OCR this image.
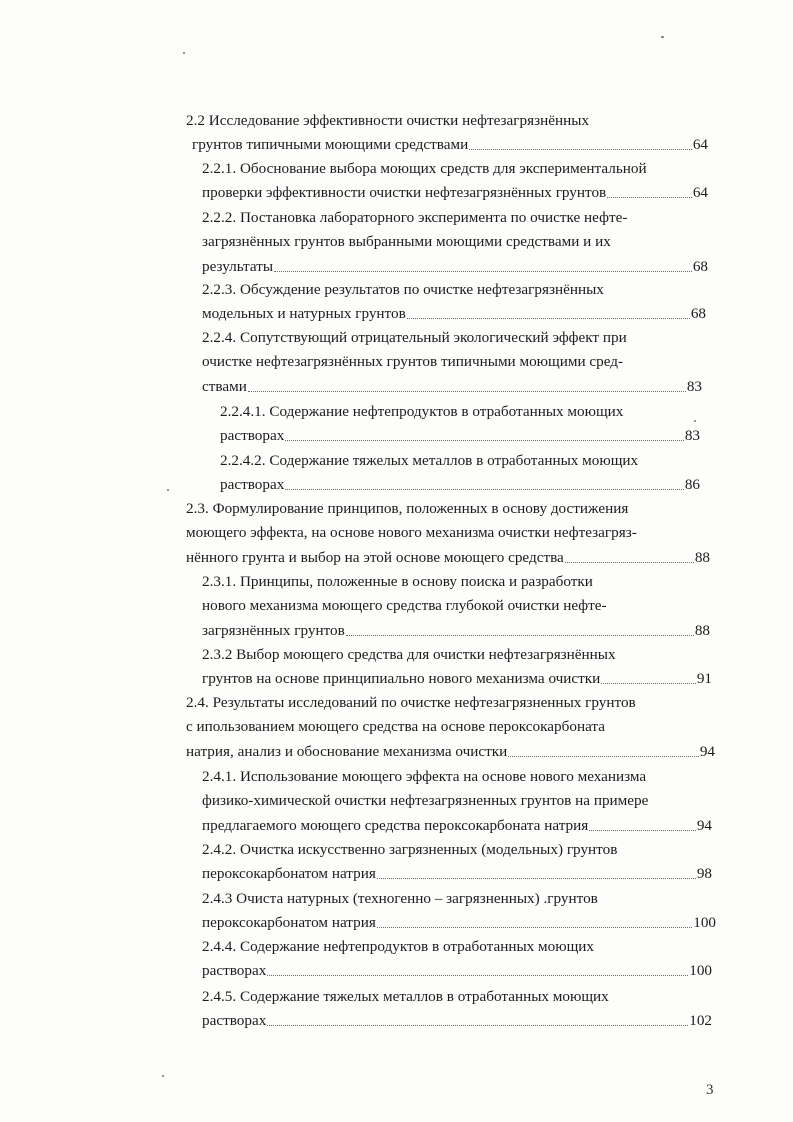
2.2 Исследование эффективности очистки нефтезагрязнённых
грунтов типичными моющими средствами	64
2.2.1. Обоснование выбора моющих средств для экспериментальной
проверки эффективности очистки нефтезагрязнённых грунтов	64
2.2.2. Постановка лабораторного эксперимента по очистке нефте-
загрязнённых грунтов выбранными моющими средствами и их
результаты	68
2.2.3. Обсуждение результатов по очистке нефтезагрязнённых
модельных и натурных грунтов	68
2.2.4. Сопутствующий отрицательный экологический эффект при
очистке нефтезагрязнённых грунтов типичными моющими сред-
ствами	83
2.2.4.1. Содержание нефтепродуктов в отработанных моющих
растворах	83
2.2.4.2. Содержание тяжелых металлов в отработанных моющих
растворах	86
2.3. Формулирование принципов, положенных в основу достижения
моющего эффекта, на основе нового механизма очистки нефтезагряз-
нённого грунта и выбор на этой основе моющего средства	88
2.3.1. Принципы, положенные в основу поиска и разработки
нового механизма моющего средства глубокой очистки нефте-
загрязнённых грунтов	88
2.3.2 Выбор моющего средства для очистки нефтезагрязнённых
грунтов на основе принципиально нового механизма очистки	91
2.4. Результаты исследований по очистке нефтезагрязненных грунтов
с ипользованием моющего средства на основе пероксокарбоната
натрия, анализ и обоснование механизма очистки	94
2.4.1. Использование моющего эффекта на основе нового механизма
физико-химической очистки нефтезагрязненных грунтов на примере
предлагаемого моющего средства пероксокарбоната натрия	94
2.4.2. Очистка искусственно загрязненных (модельных) грунтов
пероксокарбонатом натрия	98
2.4.3 Очиста натурных (техногенно – загрязненных) .грунтов
пероксокарбонатом натрия	100
2.4.4. Содержание нефтепродуктов в отработанных моющих
растворах	100
2.4.5. Содержание тяжелых металлов в отработанных моющих
растворах	102
3
